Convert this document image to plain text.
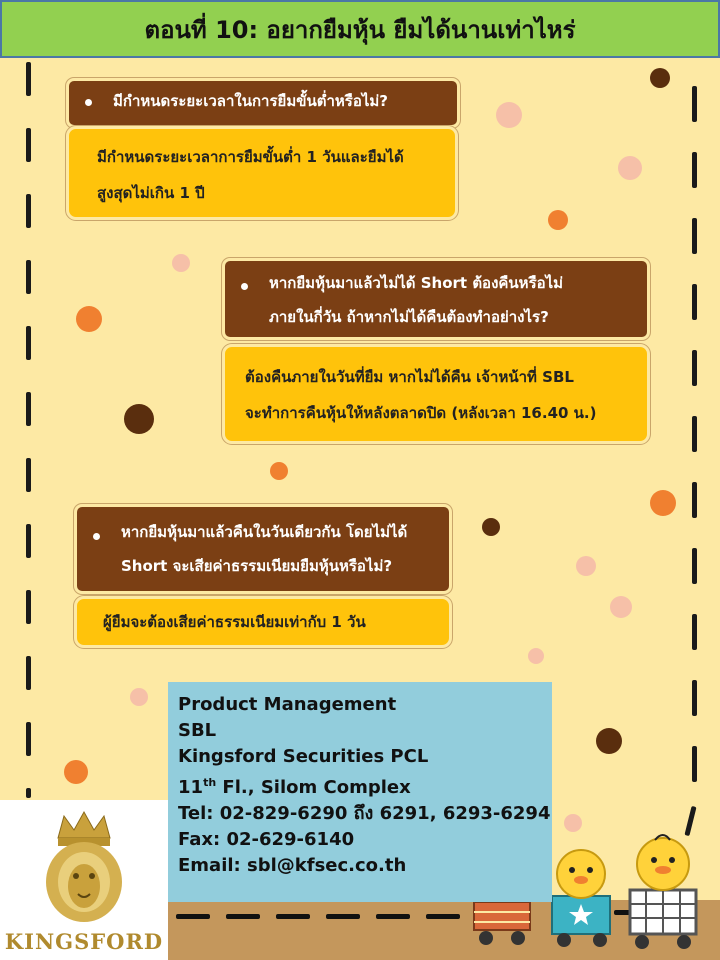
ตอนที่ 10: อยากยืมหุ้น ยืมได้นานเท่าไหร่
มีกำหนดระยะเวลาในการยืมขั้นต่ำหรือไม่?
มีกำหนดระยะเวลาการยืมขั้นต่ำ 1 วันและยืมได้
สูงสุดไม่เกิน 1 ปี
หากยืมหุ้นมาแล้วไม่ได้ Short ต้องคืนหรือไม่
ภายในกี่วัน ถ้าหากไม่ได้คืนต้องทำอย่างไร?
ต้องคืนภายในวันที่ยืม หากไม่ได้คืน เจ้าหน้าที่ SBL
จะทำการคืนหุ้นให้หลังตลาดปิด (หลังเวลา 16.40 น.)
หากยืมหุ้นมาแล้วคืนในวันเดียวกัน โดยไม่ได้
Short จะเสียค่าธรรมเนียมยืมหุ้นหรือไม่?
ผู้ยืมจะต้องเสียค่าธรรมเนียมเท่ากับ 1 วัน
Product Management
SBL
Kingsford Securities PCL
11th Fl., Silom Complex
Tel: 02-829-6290 ถึง 6291, 6293-6294
Fax: 02-629-6140
Email: sbl@kfsec.co.th
KINGSFORD
